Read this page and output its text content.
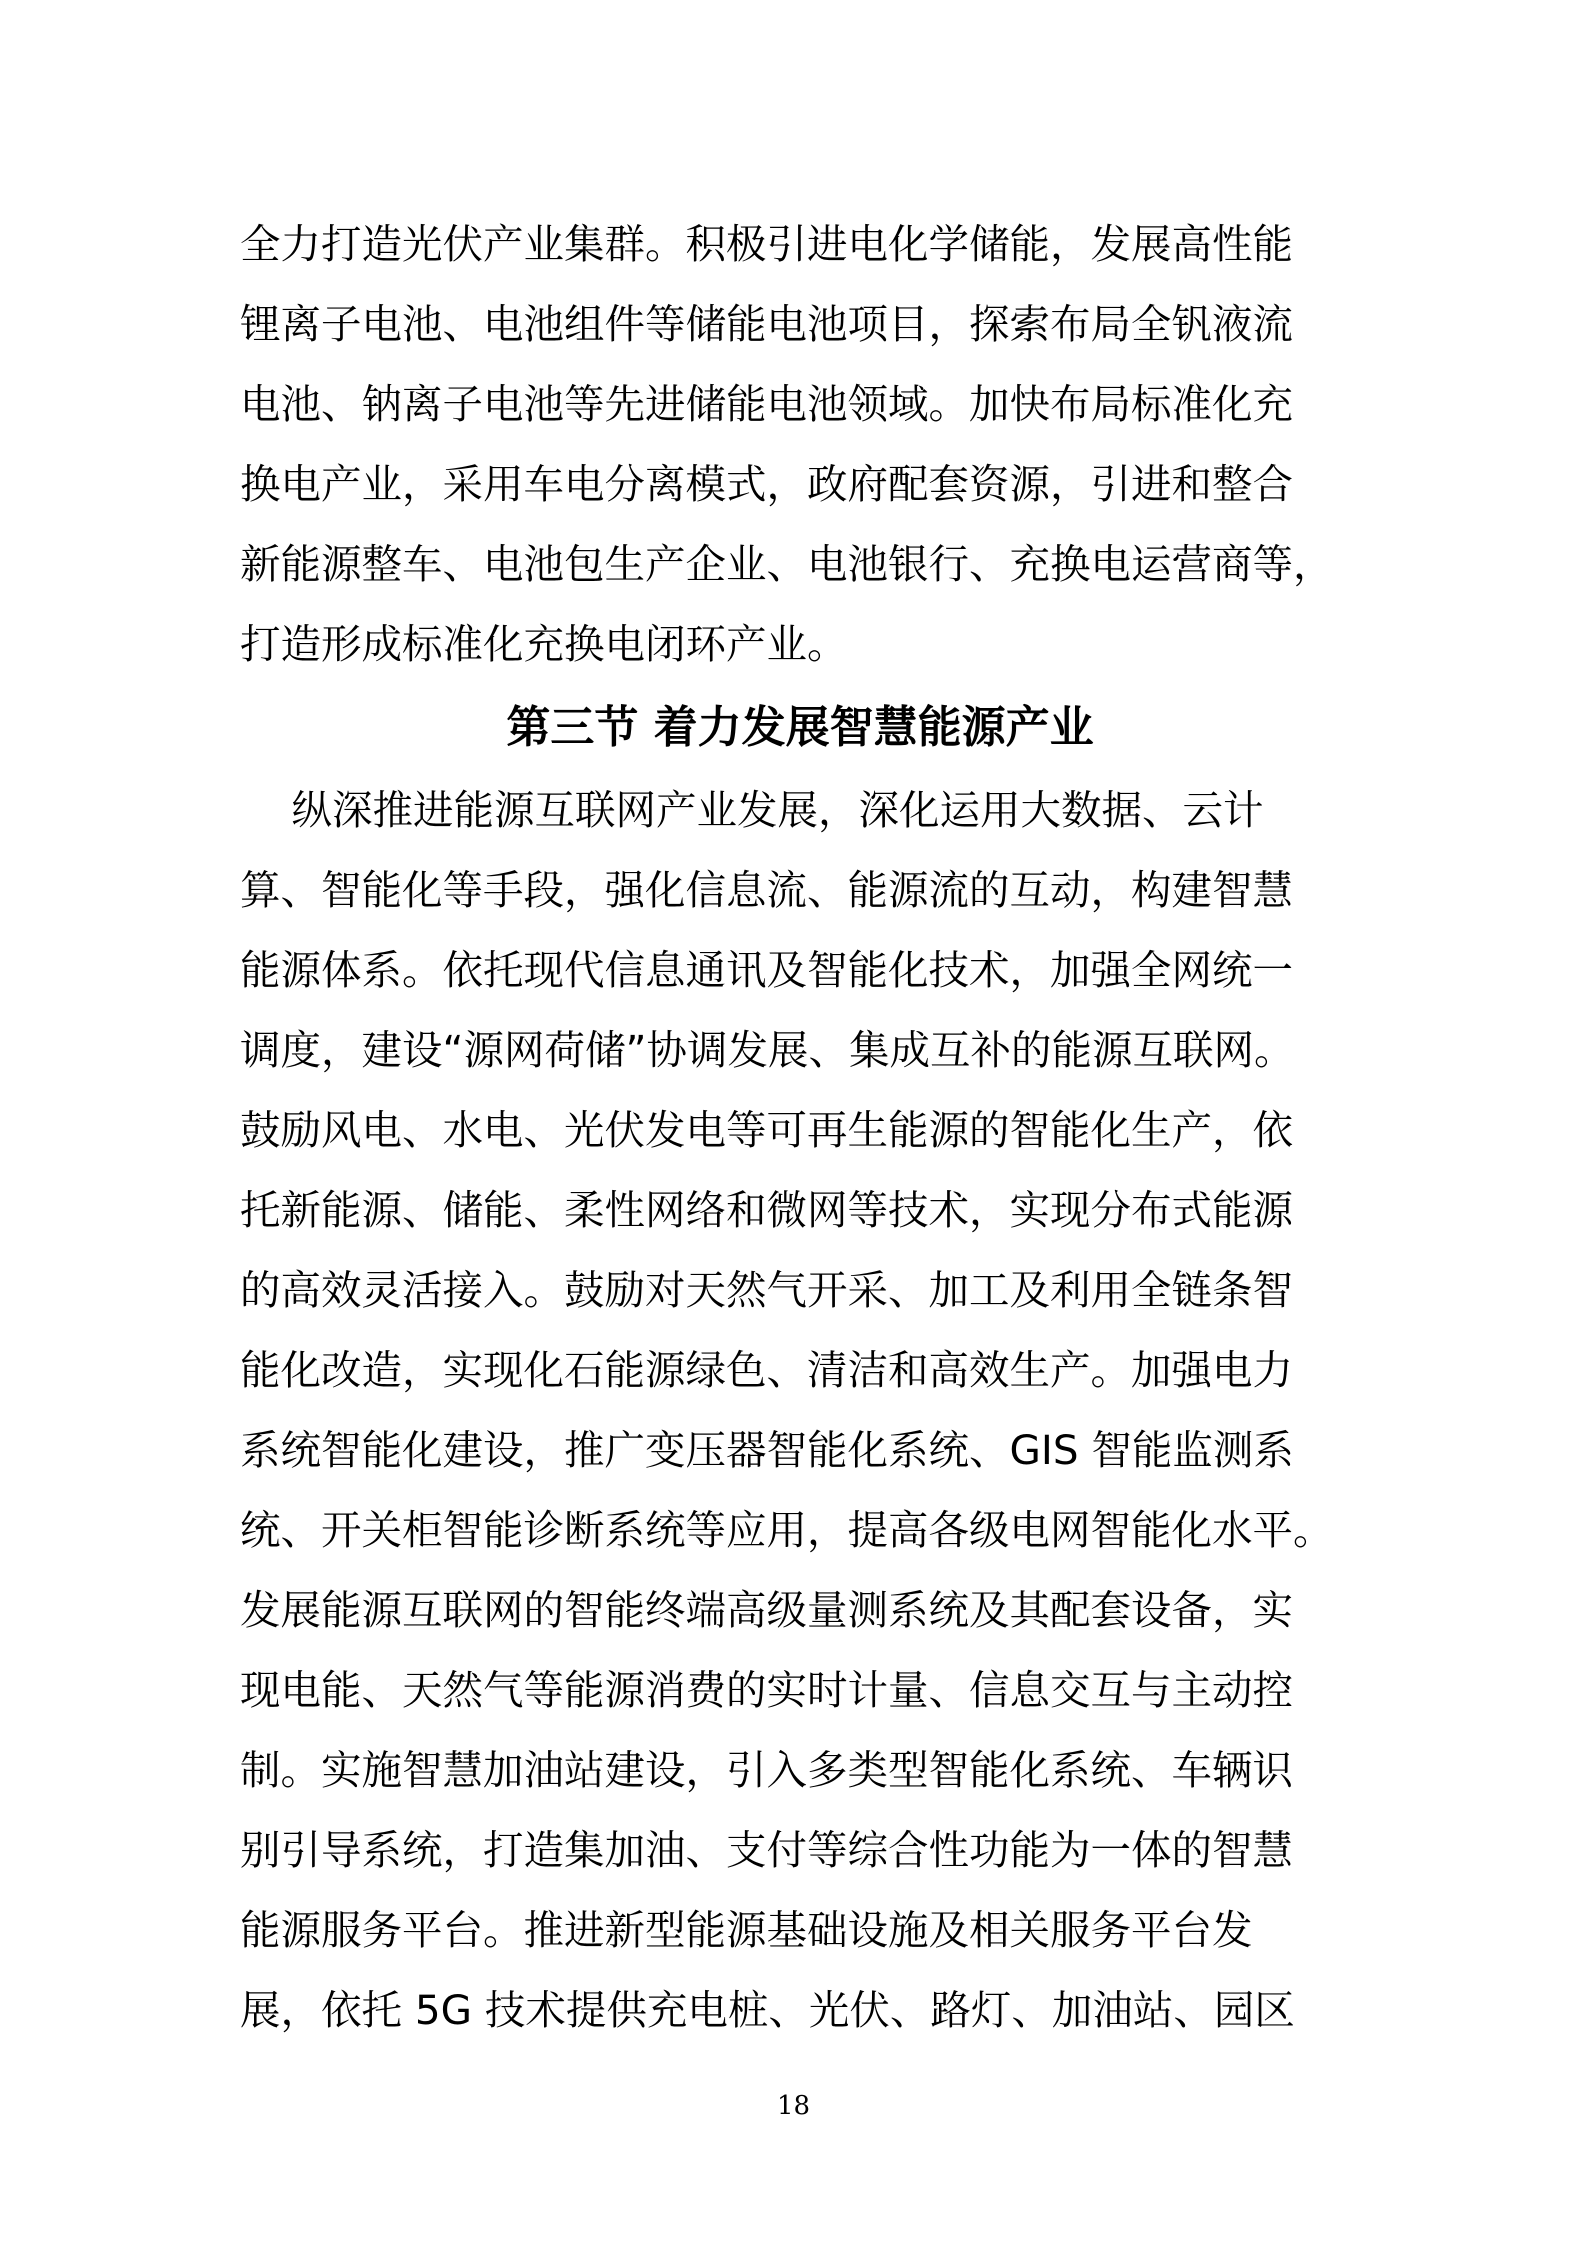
全力打造光伏产业集群。积极引进电化学储能，发展高性能
锂离子电池、电池组件等储能电池项目，探索布局全钒液流
电池、钠离子电池等先进储能电池领域。加快布局标准化充
换电产业，采用车电分离模式，政府配套资源，引进和整合
新能源整车、电池包生产企业、电池银行、充换电运营商等，
打造形成标准化充换电闭环产业。
第三节 着力发展智慧能源产业
纵深推进能源互联网产业发展，深化运用大数据、云计
算、智能化等手段，强化信息流、能源流的互动，构建智慧
能源体系。依托现代信息通讯及智能化技术，加强全网统一
调度，建设“源网荷储”协调发展、集成互补的能源互联网。
鼓励风电、水电、光伏发电等可再生能源的智能化生产，依
托新能源、储能、柔性网络和微网等技术，实现分布式能源
的高效灵活接入。鼓励对天然气开采、加工及利用全链条智
能化改造，实现化石能源绿色、清洁和高效生产。加强电力
系统智能化建设，推广变压器智能化系统、GIS 智能监测系
统、开关柜智能诊断系统等应用，提高各级电网智能化水平。
发展能源互联网的智能终端高级量测系统及其配套设备，实
现电能、天然气等能源消费的实时计量、信息交互与主动控
制。实施智慧加油站建设，引入多类型智能化系统、车辆识
别引导系统，打造集加油、支付等综合性功能为一体的智慧
能源服务平台。推进新型能源基础设施及相关服务平台发
展，依托 5G 技术提供充电桩、光伏、路灯、加油站、园区
18
